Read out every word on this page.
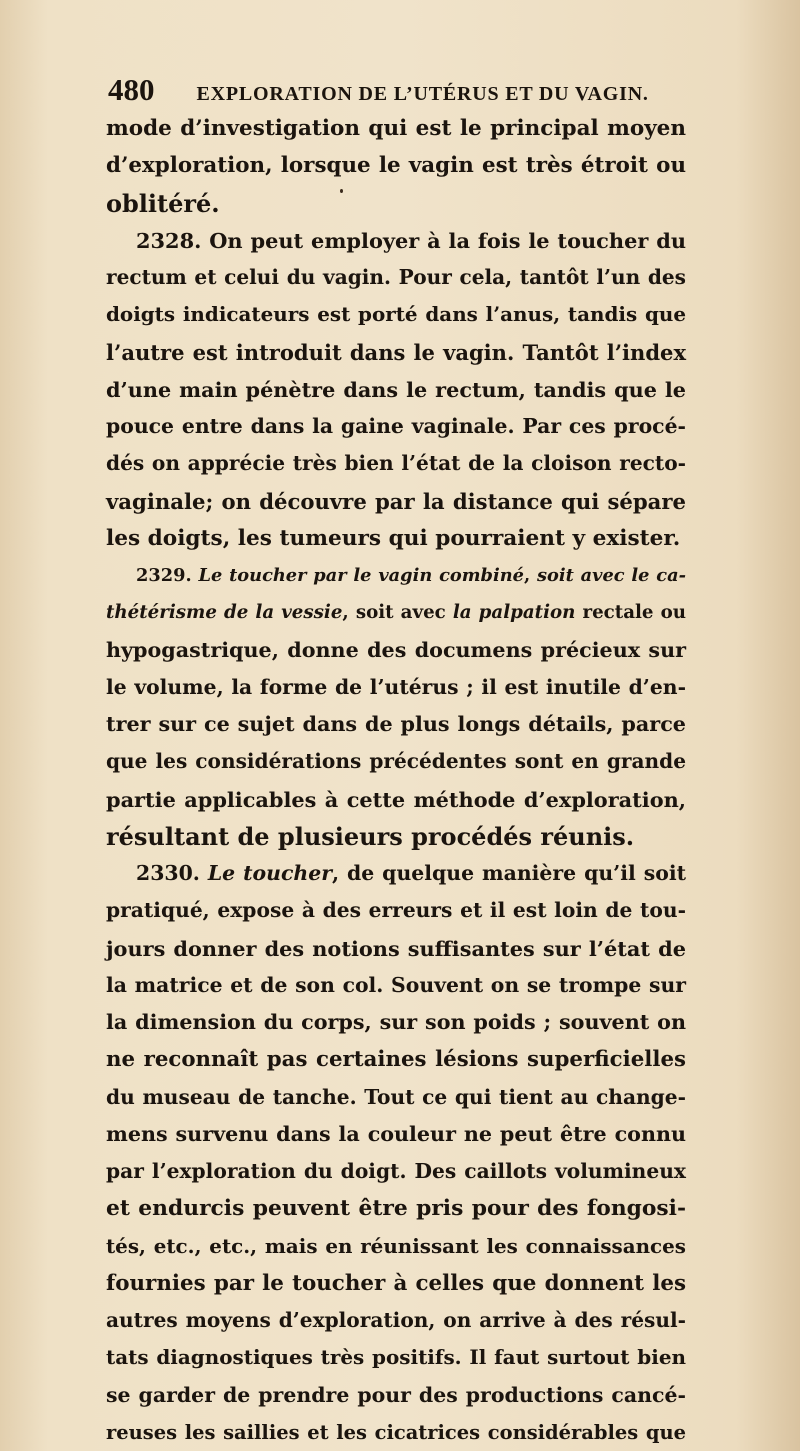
480 EXPLORATION DE L’UTÉRUS ET DU VAGIN.
mode d’investigation qui est le principal moyen
d’exploration, lorsque le vagin est très étroit ou
oblitéré.
2328. On peut employer à la fois le toucher du
rectum et celui du vagin. Pour cela, tantôt l’un des
doigts indicateurs est porté dans l’anus, tandis que
l’autre est introduit dans le vagin. Tantôt l’index
d’une main pénètre dans le rectum, tandis que le
pouce entre dans la gaine vaginale. Par ces procé-
dés on apprécie très bien l’état de la cloison recto-
vaginale; on découvre par la distance qui sépare
les doigts, les tumeurs qui pourraient y exister.
2329. Le toucher par le vagin combiné, soit avec le ca-
thétérisme de la vessie, soit avec la palpation rectale ou
hypogastrique, donne des documens précieux sur
le volume, la forme de l’utérus ; il est inutile d’en-
trer sur ce sujet dans de plus longs détails, parce
que les considérations précédentes sont en grande
partie applicables à cette méthode d’exploration,
résultant de plusieurs procédés réunis.
2330. Le toucher, de quelque manière qu’il soit
pratiqué, expose à des erreurs et il est loin de tou-
jours donner des notions suffisantes sur l’état de
la matrice et de son col. Souvent on se trompe sur
la dimension du corps, sur son poids ; souvent on
ne reconnaît pas certaines lésions superficielles
du museau de tanche. Tout ce qui tient au change-
mens survenu dans la couleur ne peut être connu
par l’exploration du doigt. Des caillots volumineux
et endurcis peuvent être pris pour des fongosi-
tés, etc., etc., mais en réunissant les connaissances
fournies par le toucher à celles que donnent les
autres moyens d’exploration, on arrive à des résul-
tats diagnostiques très positifs. Il faut surtout bien
se garder de prendre pour des productions cancé-
reuses les saillies et les cicatrices considérables que
